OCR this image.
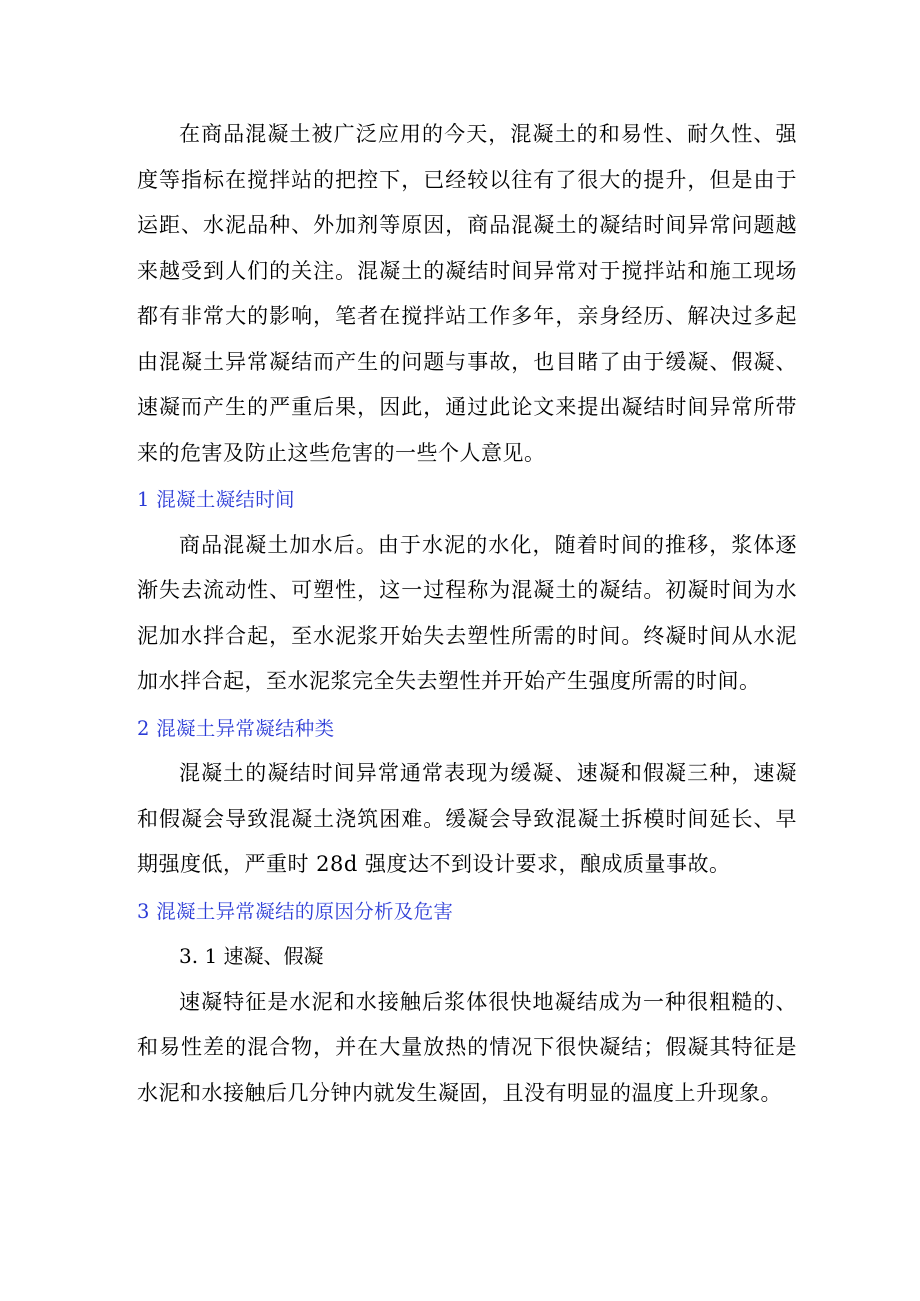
在商品混凝土被广泛应用的今天，混凝土的和易性、耐久性、强度等指标在搅拌站的把控下，已经较以往有了很大的提升，但是由于运距、水泥品种、外加剂等原因，商品混凝土的凝结时间异常问题越来越受到人们的关注。混凝土的凝结时间异常对于搅拌站和施工现场都有非常大的影响，笔者在搅拌站工作多年，亲身经历、解决过多起由混凝土异常凝结而产生的问题与事故，也目睹了由于缓凝、假凝、速凝而产生的严重后果，因此，通过此论文来提出凝结时间异常所带来的危害及防止这些危害的一些个人意见。

1 混凝土凝结时间

商品混凝土加水后。由于水泥的水化，随着时间的推移，浆体逐渐失去流动性、可塑性，这一过程称为混凝土的凝结。初凝时间为水泥加水拌合起，至水泥浆开始失去塑性所需的时间。终凝时间从水泥加水拌合起，至水泥浆完全失去塑性并开始产生强度所需的时间。

2 混凝土异常凝结种类

混凝土的凝结时间异常通常表现为缓凝、速凝和假凝三种，速凝和假凝会导致混凝土浇筑困难。缓凝会导致混凝土拆模时间延长、早期强度低，严重时 28d 强度达不到设计要求，酿成质量事故。

3 混凝土异常凝结的原因分析及危害

3. 1 速凝、假凝

速凝特征是水泥和水接触后浆体很快地凝结成为一种很粗糙的、和易性差的混合物，并在大量放热的情况下很快凝结；假凝其特征是水泥和水接触后几分钟内就发生凝固，且没有明显的温度上升现象。
